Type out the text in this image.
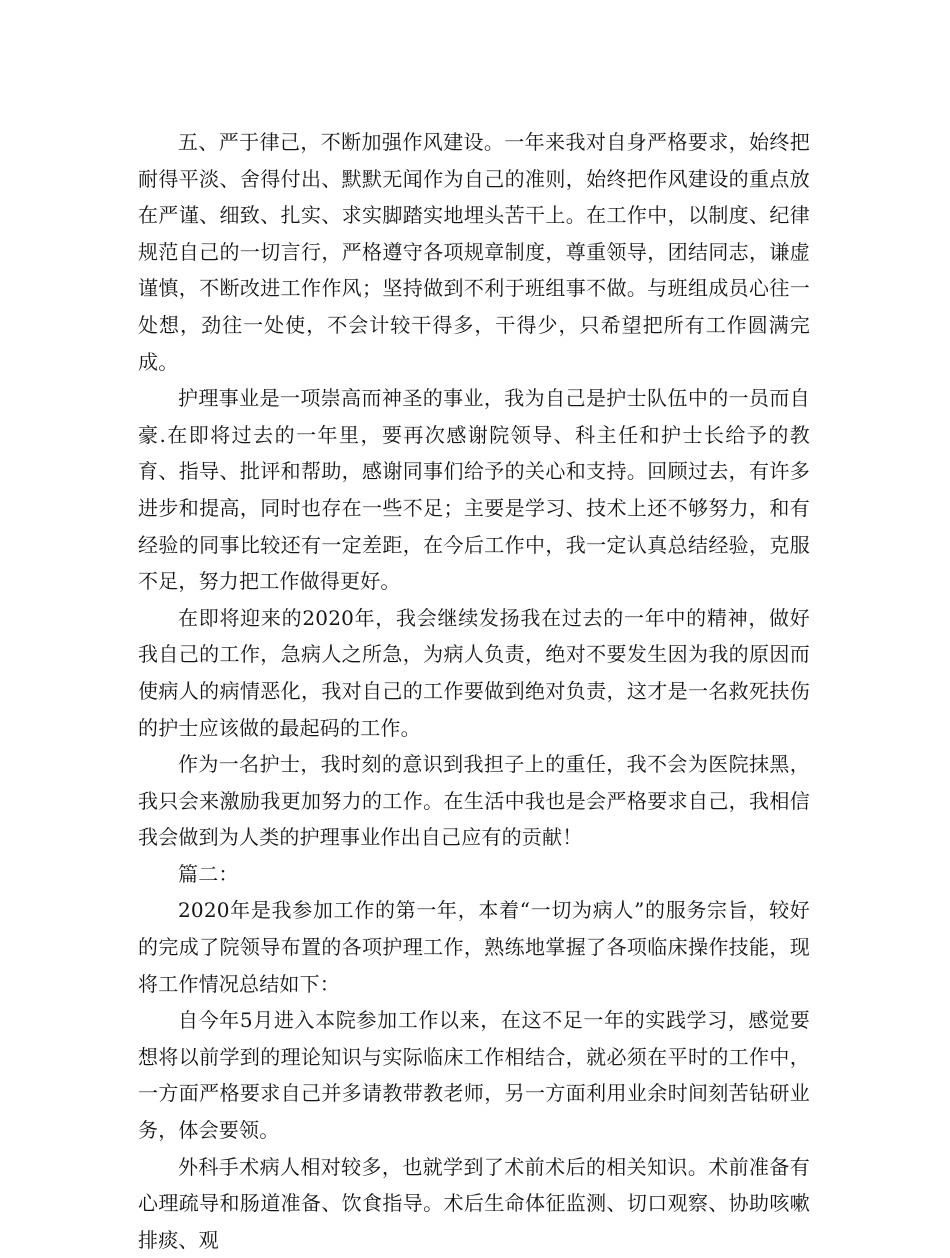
五、严于律己，不断加强作风建设。一年来我对自身严格要求，始终把耐得平淡、舍得付出、默默无闻作为自己的准则，始终把作风建设的重点放在严谨、细致、扎实、求实脚踏实地埋头苦干上。在工作中，以制度、纪律规范自己的一切言行，严格遵守各项规章制度，尊重领导，团结同志，谦虚谨慎，不断改进工作作风；坚持做到不利于班组事不做。与班组成员心往一处想，劲往一处使，不会计较干得多，干得少，只希望把所有工作圆满完成。

护理事业是一项崇高而神圣的事业，我为自己是护士队伍中的一员而自豪.在即将过去的一年里，要再次感谢院领导、科主任和护士长给予的教育、指导、批评和帮助，感谢同事们给予的关心和支持。回顾过去，有许多进步和提高，同时也存在一些不足；主要是学习、技术上还不够努力，和有经验的同事比较还有一定差距，在今后工作中，我一定认真总结经验，克服不足，努力把工作做得更好。

在即将迎来的2020年，我会继续发扬我在过去的一年中的精神，做好我自己的工作，急病人之所急，为病人负责，绝对不要发生因为我的原因而使病人的病情恶化，我对自己的工作要做到绝对负责，这才是一名救死扶伤的护士应该做的最起码的工作。

作为一名护士，我时刻的意识到我担子上的重任，我不会为医院抹黑，我只会来激励我更加努力的工作。在生活中我也是会严格要求自己，我相信我会做到为人类的护理事业作出自己应有的贡献！

篇二：

2020年是我参加工作的第一年，本着“一切为病人”的服务宗旨，较好的完成了院领导布置的各项护理工作，熟练地掌握了各项临床操作技能，现将工作情况总结如下：

自今年5月进入本院参加工作以来，在这不足一年的实践学习，感觉要想将以前学到的理论知识与实际临床工作相结合，就必须在平时的工作中，一方面严格要求自己并多请教带教老师，另一方面利用业余时间刻苦钻研业务，体会要领。

外科手术病人相对较多，也就学到了术前术后的相关知识。术前准备有心理疏导和肠道准备、饮食指导。术后生命体征监测、切口观察、协助咳嗽排痰、观
